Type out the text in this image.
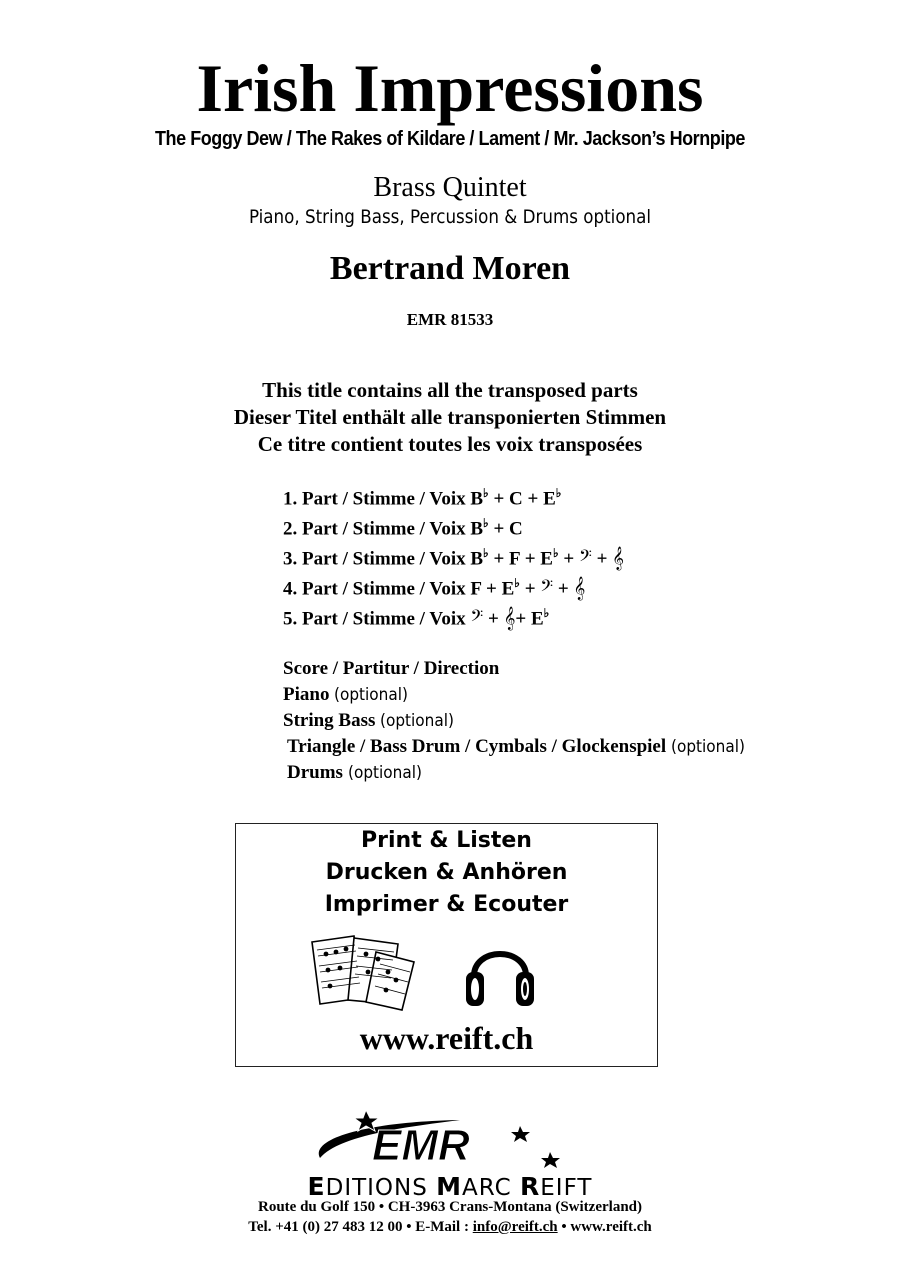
Irish Impressions
The Foggy Dew / The Rakes of Kildare / Lament / Mr. Jackson’s Hornpipe
Brass Quintet
Piano, String Bass, Percussion & Drums optional
Bertrand Moren
EMR 81533
This title contains all the transposed parts
Dieser Titel enthält alle transponierten Stimmen
Ce titre contient toutes les voix transposées
1. Part / Stimme / Voix B♭ + C + E♭
2. Part / Stimme / Voix B♭ + C
3. Part / Stimme / Voix B♭ + F + E♭ + 𝄢 + 𝄞
4. Part / Stimme / Voix F + E♭ + 𝄢 + 𝄞
5. Part / Stimme / Voix 𝄢 + 𝄞+ E♭
Score / Partitur / Direction
Piano (optional)
String Bass (optional)
Triangle / Bass Drum / Cymbals / Glockenspiel (optional)
Drums (optional)
Print & Listen
Drucken & Anhören
Imprimer & Ecouter
www.reift.ch
EMR
EDITIONS MARC REIFT
Route du Golf 150 • CH-3963 Crans-Montana (Switzerland)
Tel. +41 (0) 27 483 12 00 • E-Mail : info@reift.ch • www.reift.ch
